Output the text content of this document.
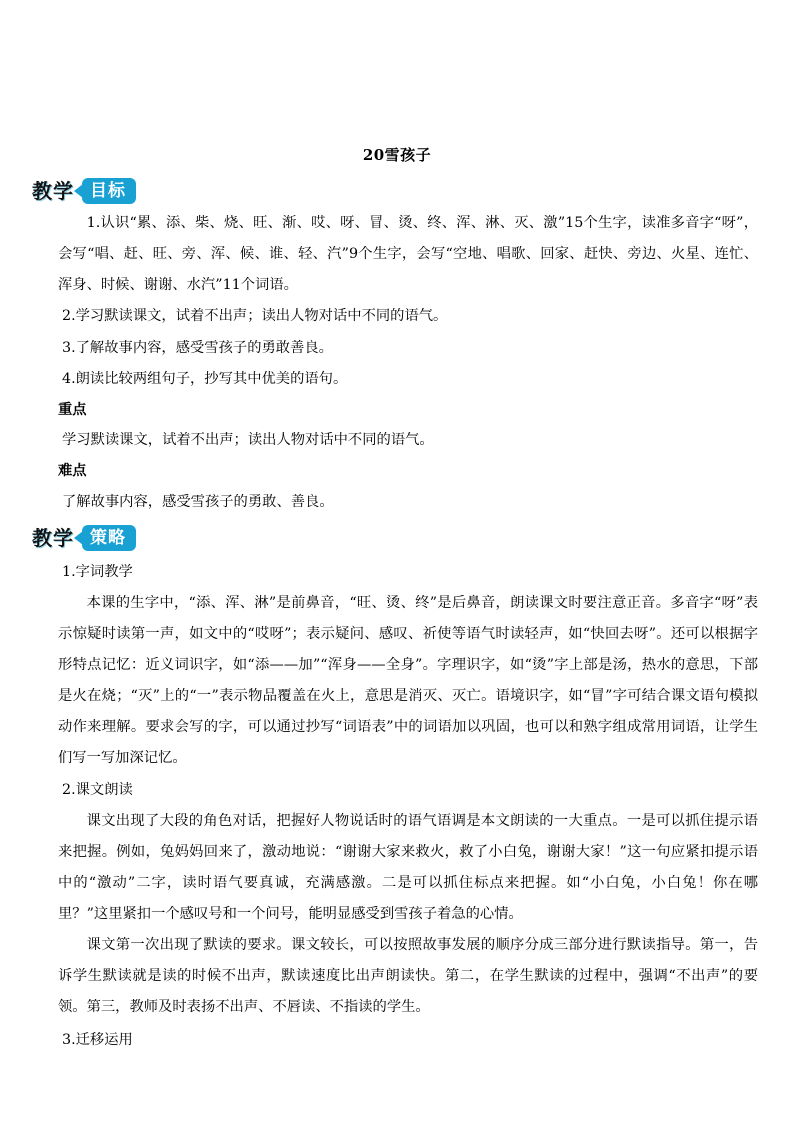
20雪孩子
教学 目标

1.认识“累、添、柴、烧、旺、渐、哎、呀、冒、烫、终、浑、淋、灭、激”15个生字，读准多音字“呀”，会写“唱、赶、旺、旁、浑、候、谁、轻、汽”9个生字，会写“空地、唱歌、回家、赶快、旁边、火星、连忙、浑身、时候、谢谢、水汽”11个词语。

2.学习默读课文，试着不出声；读出人物对话中不同的语气。
3.了解故事内容，感受雪孩子的勇敢善良。
4.朗读比较两组句子，抄写其中优美的语句。
重点
学习默读课文，试着不出声；读出人物对话中不同的语气。
难点
了解故事内容，感受雪孩子的勇敢、善良。
教学 策略
1.字词教学

本课的生字中，“添、浑、淋”是前鼻音，“旺、烫、终”是后鼻音，朗读课文时要注意正音。多音字“呀”表示惊疑时读第一声，如文中的“哎呀”；表示疑问、感叹、祈使等语气时读轻声，如“快回去呀”。还可以根据字形特点记忆：近义词识字，如“添——加”“浑身——全身”。字理识字，如“烫”字上部是汤，热水的意思，下部是火在烧；“灭”上的“一”表示物品覆盖在火上，意思是消灭、灭亡。语境识字，如“冒”字可结合课文语句模拟动作来理解。要求会写的字，可以通过抄写“词语表”中的词语加以巩固，也可以和熟字组成常用词语，让学生们写一写加深记忆。

2.课文朗读

课文出现了大段的角色对话，把握好人物说话时的语气语调是本文朗读的一大重点。一是可以抓住提示语来把握。例如，兔妈妈回来了，激动地说：“谢谢大家来救火，救了小白兔，谢谢大家！”这一句应紧扣提示语中的“激动”二字，读时语气要真诚，充满感激。二是可以抓住标点来把握。如“小白兔，小白兔！你在哪里？”这里紧扣一个感叹号和一个问号，能明显感受到雪孩子着急的心情。

课文第一次出现了默读的要求。课文较长，可以按照故事发展的顺序分成三部分进行默读指导。第一，告诉学生默读就是读的时候不出声，默读速度比出声朗读快。第二，在学生默读的过程中，强调“不出声”的要领。第三，教师及时表扬不出声、不唇读、不指读的学生。

3.迁移运用
